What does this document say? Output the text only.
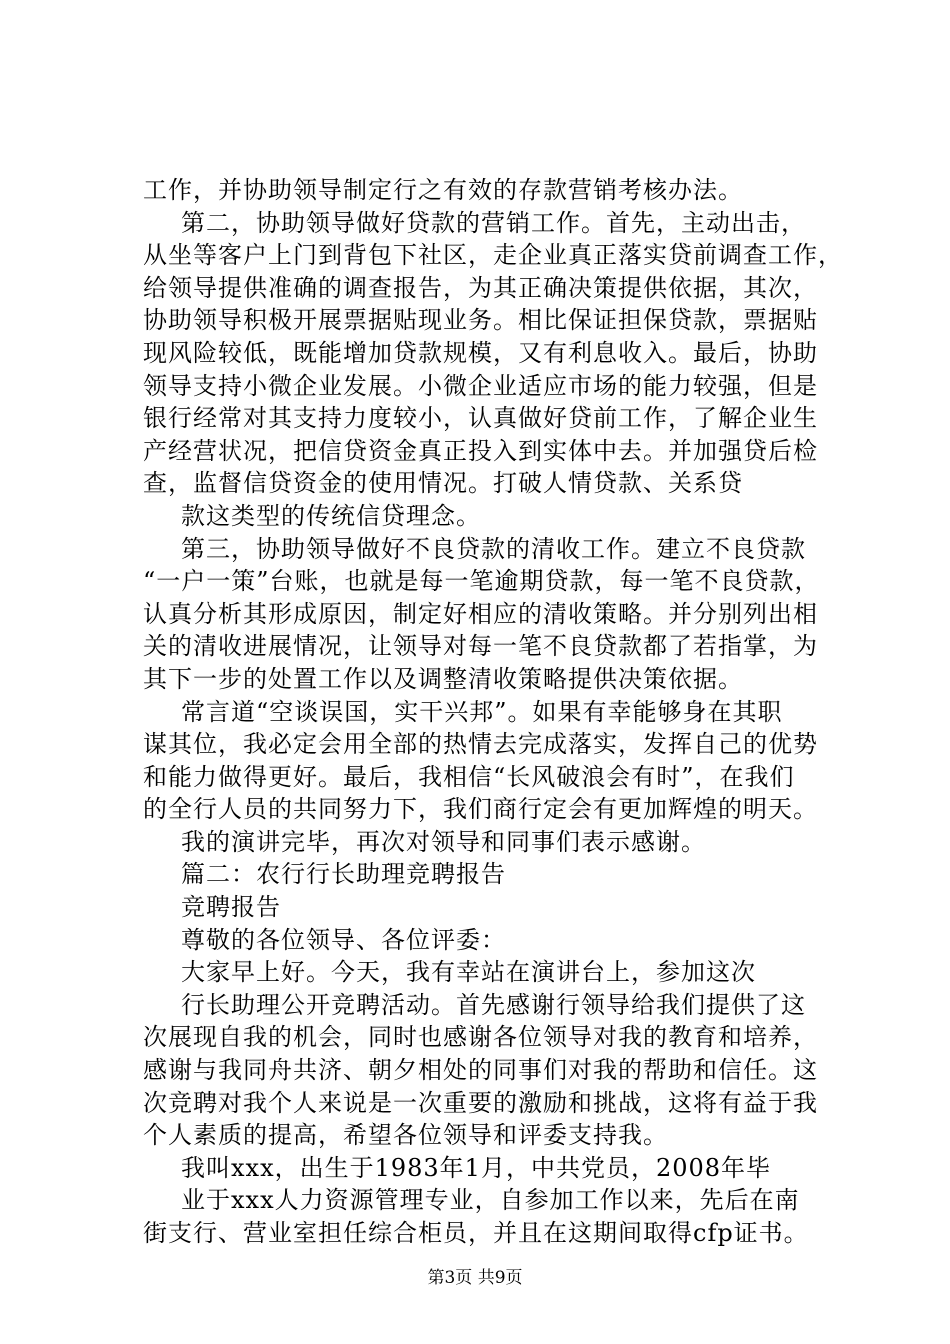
工作，并协助领导制定行之有效的存款营销考核办法。
第二，协助领导做好贷款的营销工作。首先，主动出击，
从坐等客户上门到背包下社区，走企业真正落实贷前调查工作，
给领导提供准确的调查报告，为其正确决策提供依据，其次，
协助领导积极开展票据贴现业务。相比保证担保贷款，票据贴
现风险较低，既能增加贷款规模，又有利息收入。最后，协助
领导支持小微企业发展。小微企业适应市场的能力较强，但是
银行经常对其支持力度较小，认真做好贷前工作，了解企业生
产经营状况，把信贷资金真正投入到实体中去。并加强贷后检
查，监督信贷资金的使用情况。打破人情贷款、关系贷
款这类型的传统信贷理念。
第三，协助领导做好不良贷款的清收工作。建立不良贷款
“一户一策”台账，也就是每一笔逾期贷款，每一笔不良贷款，
认真分析其形成原因，制定好相应的清收策略。并分别列出相
关的清收进展情况，让领导对每一笔不良贷款都了若指掌，为
其下一步的处置工作以及调整清收策略提供决策依据。
常言道“空谈误国，实干兴邦”。如果有幸能够身在其职
谋其位，我必定会用全部的热情去完成落实，发挥自己的优势
和能力做得更好。最后，我相信“长风破浪会有时”，在我们
的全行人员的共同努力下，我们商行定会有更加辉煌的明天。
我的演讲完毕，再次对领导和同事们表示感谢。
篇二：农行行长助理竞聘报告
竞聘报告
尊敬的各位领导、各位评委：
大家早上好。今天，我有幸站在演讲台上，参加这次
行长助理公开竞聘活动。首先感谢行领导给我们提供了这
次展现自我的机会，同时也感谢各位领导对我的教育和培养，
感谢与我同舟共济、朝夕相处的同事们对我的帮助和信任。这
次竞聘对我个人来说是一次重要的激励和挑战，这将有益于我
个人素质的提高，希望各位领导和评委支持我。
我叫xxx，出生于1983年1月，中共党员，2008年毕
业于xxx人力资源管理专业，自参加工作以来，先后在南
街支行、营业室担任综合柜员，并且在这期间取得cfp证书。
第3页 共9页
